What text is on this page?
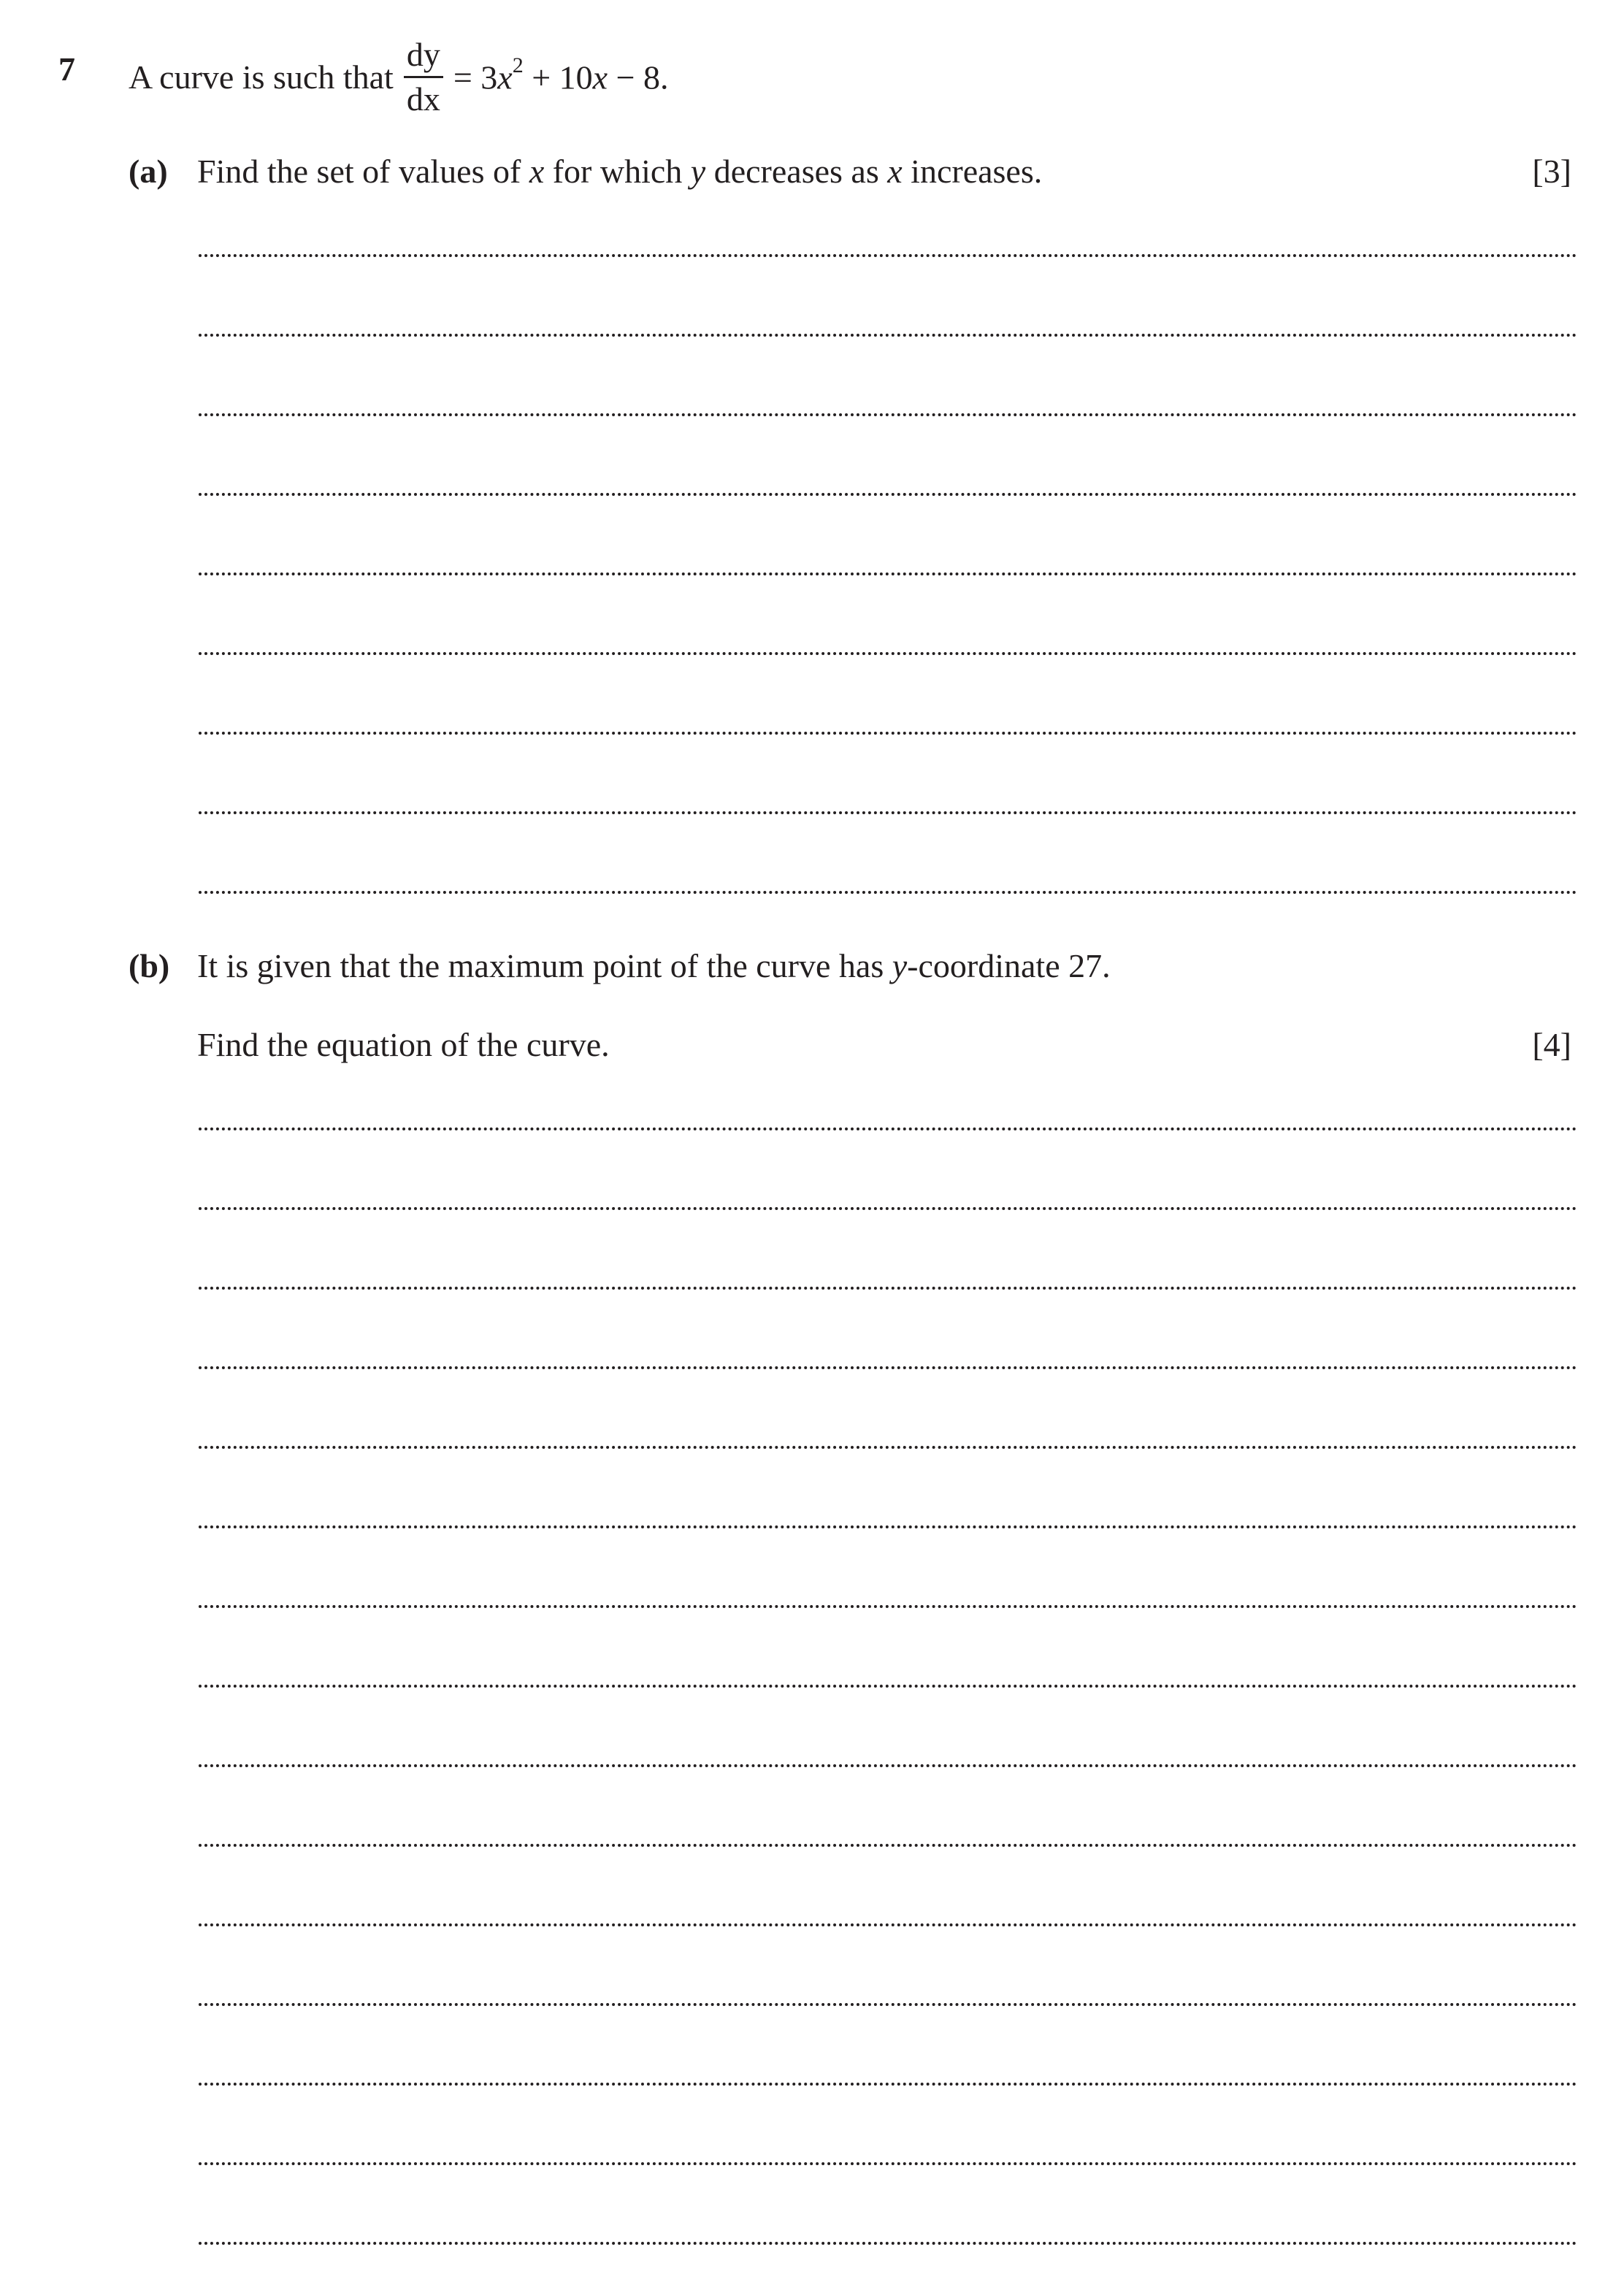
7 A curve is such that $\frac{dy}{dx} = 3x^2 + 10x - 8$.
(a) Find the set of values of x for which y decreases as x increases.	[3]
(b) It is given that the maximum point of the curve has y-coordinate 27.
Find the equation of the curve.	[4]
